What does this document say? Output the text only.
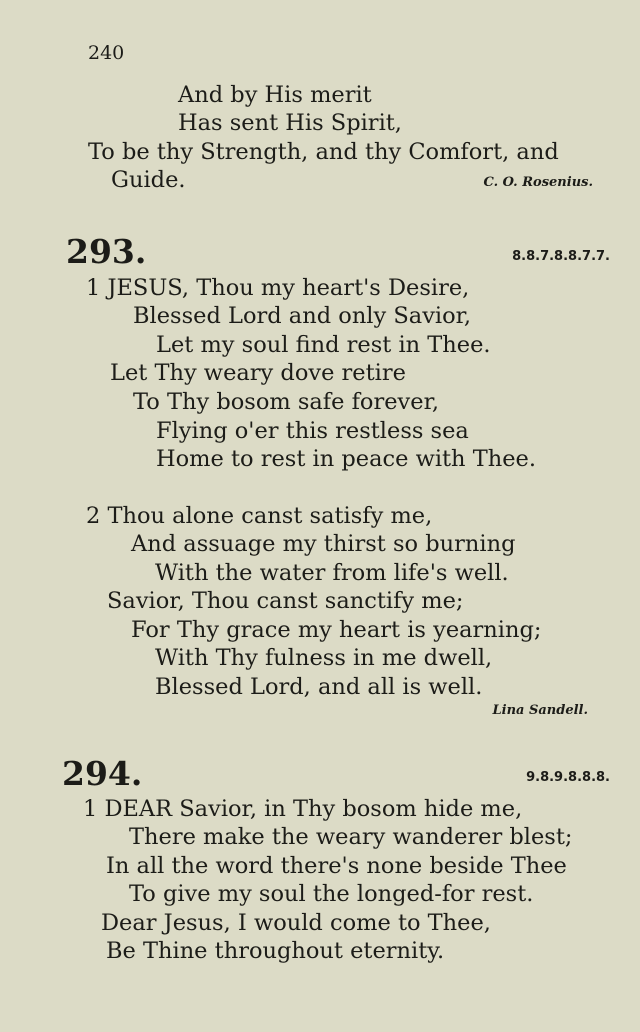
240
And by His merit
Has sent His Spirit,
To be thy Strength, and thy Comfort, and
Guide.	C. O. Rosenius.
293.	8.8.7.8.8.7.7.
1 JESUS, Thou my heart's Desire,
Blessed Lord and only Savior,
Let my soul find rest in Thee.
Let Thy weary dove retire
To Thy bosom safe forever,
Flying o'er this restless sea
Home to rest in peace with Thee.
2 Thou alone canst satisfy me,
And assuage my thirst so burning
With the water from life's well.
Savior, Thou canst sanctify me;
For Thy grace my heart is yearning;
With Thy fulness in me dwell,
Blessed Lord, and all is well.
Lina Sandell.
294.	9.8.9.8.8.8.
1 DEAR Savior, in Thy bosom hide me,
There make the weary wanderer blest;
In all the word there's none beside Thee
To give my soul the longed-for rest.
Dear Jesus, I would come to Thee,
Be Thine throughout eternity.
